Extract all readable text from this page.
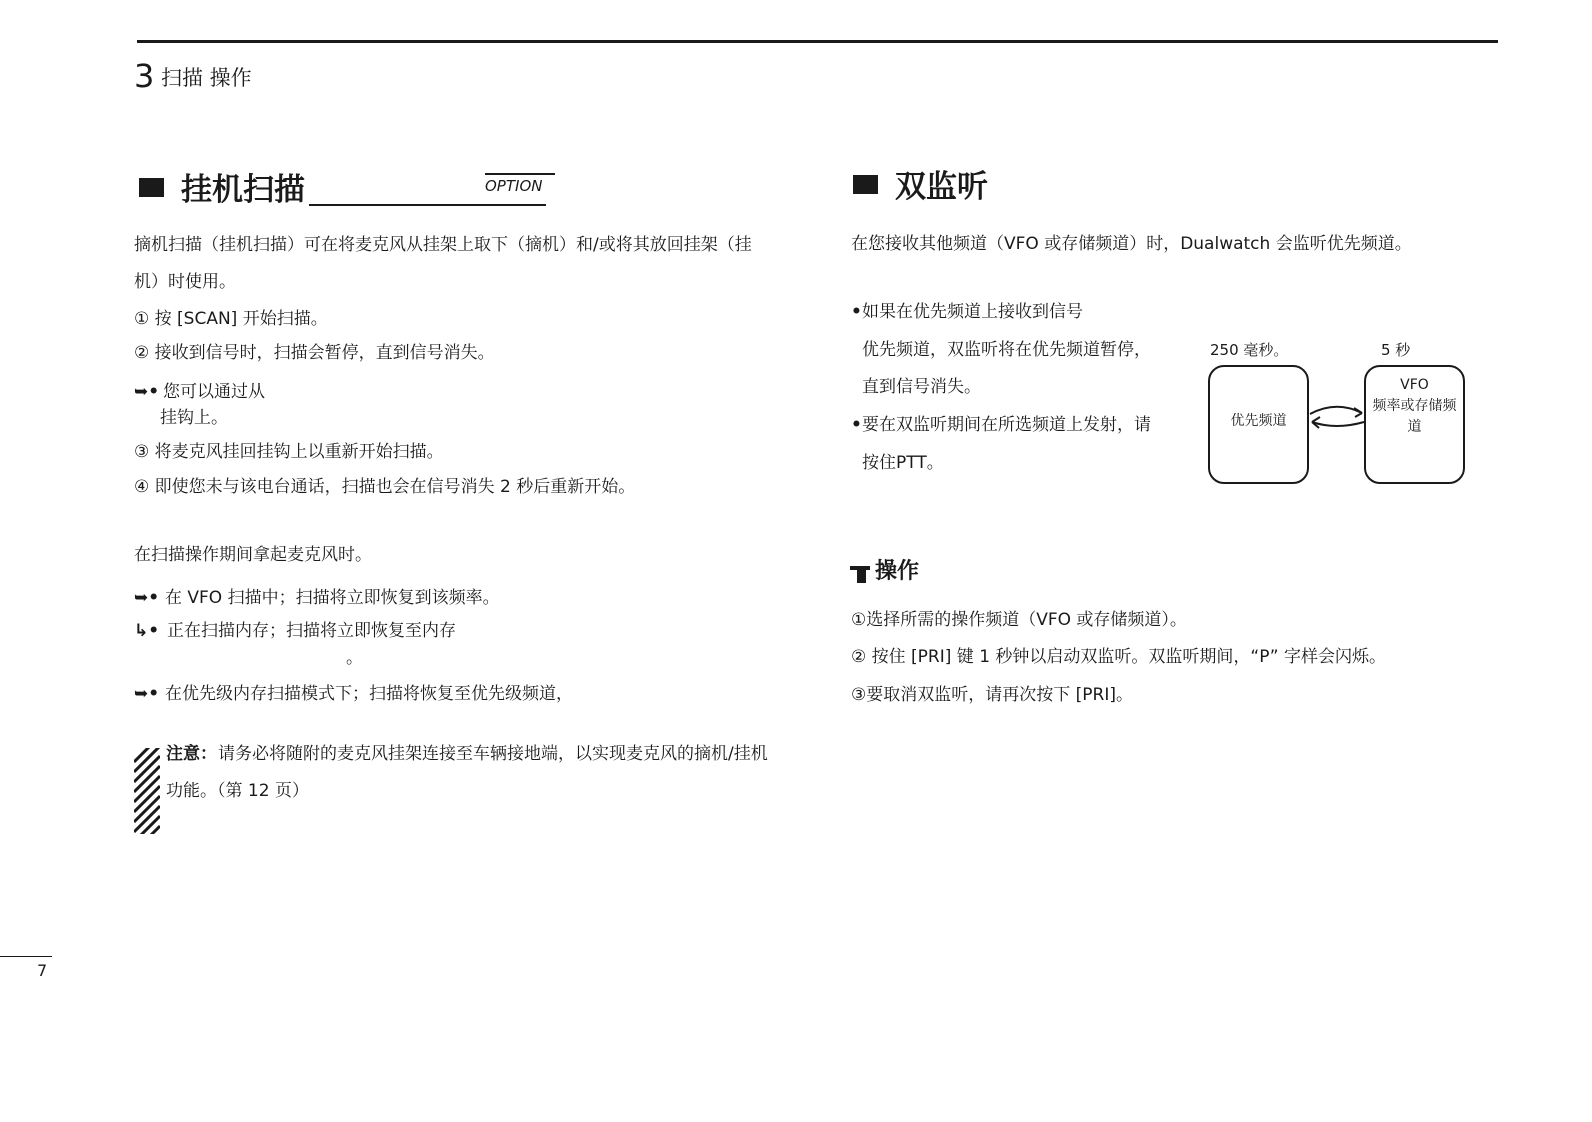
3 扫描 操作
挂机扫描	OPTION
摘机扫描（挂机扫描）可在将麦克风从挂架上取下（摘机）和/或将其放回挂架（挂
机）时使用。
① 按 [SCAN] 开始扫描。
② 接收到信号时，扫描会暂停，直到信号消失。
➥• 您可以通过从
挂钩上。
③ 将麦克风挂回挂钩上以重新开始扫描。
④ 即使您未与该电台通话，扫描也会在信号消失 2 秒后重新开始。
在扫描操作期间拿起麦克风时。
➥• 在 VFO 扫描中；扫描将立即恢复到该频率。
↳• 正在扫描内存；扫描将立即恢复至内存
。
➥• 在优先级内存扫描模式下；扫描将恢复至优先级频道，
注意： 请务必将随附的麦克风挂架连接至车辆接地端，以实现麦克风的摘机/挂机
功能。（第 12 页）
双监听
在您接收其他频道（VFO 或存储频道）时，Dualwatch 会监听优先频道。
• 如果在优先频道上接收到信号
优先频道，双监听将在优先频道暂停，
直到信号消失。
• 要在双监听期间在所选频道上发射，请
按住PTT。
250 毫秒。	5 秒
优先频道
VFO
频率或存储频
道
操作
①选择所需的操作频道（VFO 或存储频道）。
② 按住 [PRI] 键 1 秒钟以启动双监听。双监听期间，“P” 字样会闪烁。
③要取消双监听，请再次按下 [PRI]。
7
